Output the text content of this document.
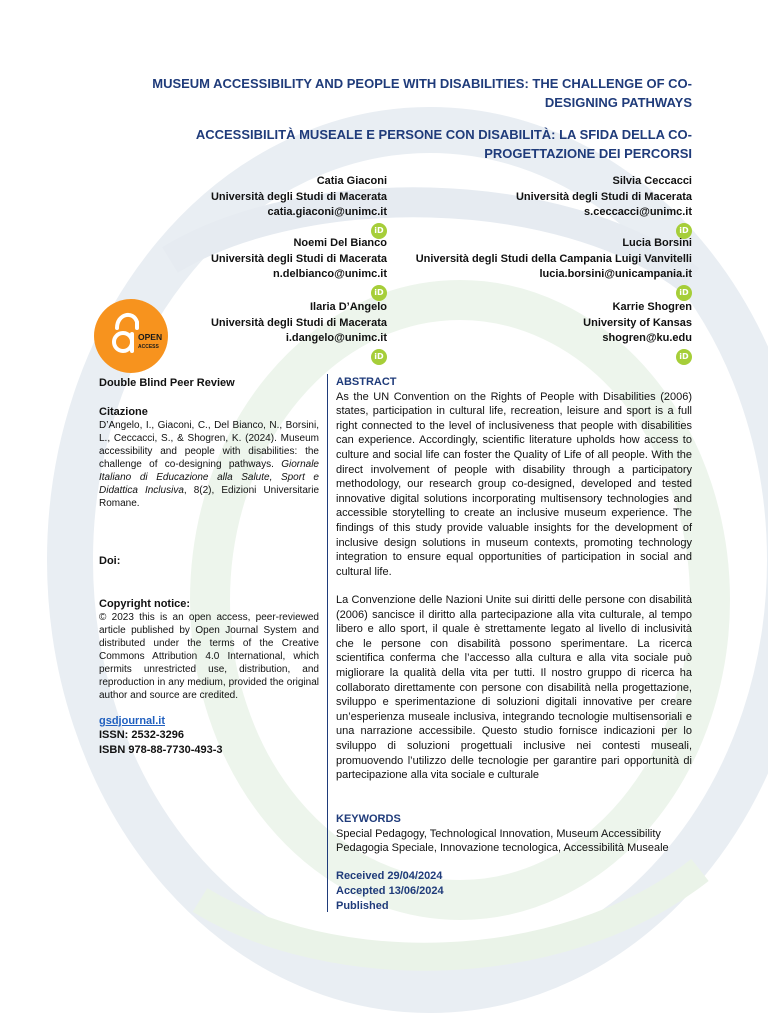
MUSEUM ACCESSIBILITY AND PEOPLE WITH DISABILITIES: THE CHALLENGE OF CO-DESIGNING PATHWAYS
ACCESSIBILITÀ MUSEALE E PERSONE CON DISABILITÀ: LA SFIDA DELLA CO-PROGETTAZIONE DEI PERCORSI
Catia Giaconi
Università degli Studi di Macerata
catia.giaconi@unimc.it
iD
Noemi Del Bianco
Università degli Studi di Macerata
n.delbianco@unimc.it
iD
Ilaria D’Angelo
Università degli Studi di Macerata
i.dangelo@unimc.it
iD
Silvia Ceccacci
Università degli Studi di Macerata
s.ceccacci@unimc.it
iD
Lucia Borsini
Università degli Studi della Campania Luigi Vanvitelli
lucia.borsini@unicampania.it
iD
Karrie Shogren
University of Kansas
shogren@ku.edu
iD
OPEN
ACCESS
Double Blind Peer Review
Citazione
D’Angelo, I., Giaconi, C., Del Bianco, N., Borsini, L., Ceccacci, S., & Shogren, K. (2024). Museum accessibility and people with disabilities: the challenge of co-designing pathways. Giornale Italiano di Educazione alla Salute, Sport e Didattica Inclusiva, 8(2), Edizioni Universitarie Romane.
Doi:
Copyright notice:
© 2023 this is an open access, peer-reviewed article published by Open Journal System and distributed under the terms of the Creative Commons Attribution 4.0 International, which permits unrestricted use, distribution, and reproduction in any medium, provided the original author and source are credited.
gsdjournal.it
ISSN: 2532-3296
ISBN 978-88-7730-493-3
ABSTRACT
As the UN Convention on the Rights of People with Disabilities (2006) states, participation in cultural life, recreation, leisure and sport is a full right connected to the level of inclusiveness that people with disabilities can experience. Accordingly, scientific literature upholds how access to culture and social life can foster the Quality of Life of all people. With the direct involvement of people with disability through a participatory methodology, our research group co-designed, developed and tested innovative digital solutions incorporating multisensory technologies and accessible storytelling to create an inclusive museum experience. The findings of this study provide valuable insights for the development of inclusive design solutions in museum contexts, promoting technology integration to ensure equal opportunities of participation in social and cultural life.
La Convenzione delle Nazioni Unite sui diritti delle persone con disabilità (2006) sancisce il diritto alla partecipazione alla vita culturale, al tempo libero e allo sport, il quale è strettamente legato al livello di inclusività che le persone con disabilità possono sperimentare. La ricerca scientifica conferma che l’accesso alla cultura e alla vita sociale può migliorare la qualità della vita per tutti. Il nostro gruppo di ricerca ha collaborato direttamente con persone con disabilità nella progettazione, sviluppo e sperimentazione di soluzioni digitali innovative per creare un’esperienza museale inclusiva, integrando tecnologie multisensoriali e una narrazione accessibile. Questo studio fornisce indicazioni per lo sviluppo di soluzioni progettuali inclusive nei contesti museali, promuovendo l’utilizzo delle tecnologie per garantire pari opportunità di partecipazione alla vita sociale e culturale
KEYWORDS
Special Pedagogy, Technological Innovation, Museum Accessibility
Pedagogia Speciale, Innovazione tecnologica, Accessibilità Museale
Received 29/04/2024
Accepted 13/06/2024
Published
